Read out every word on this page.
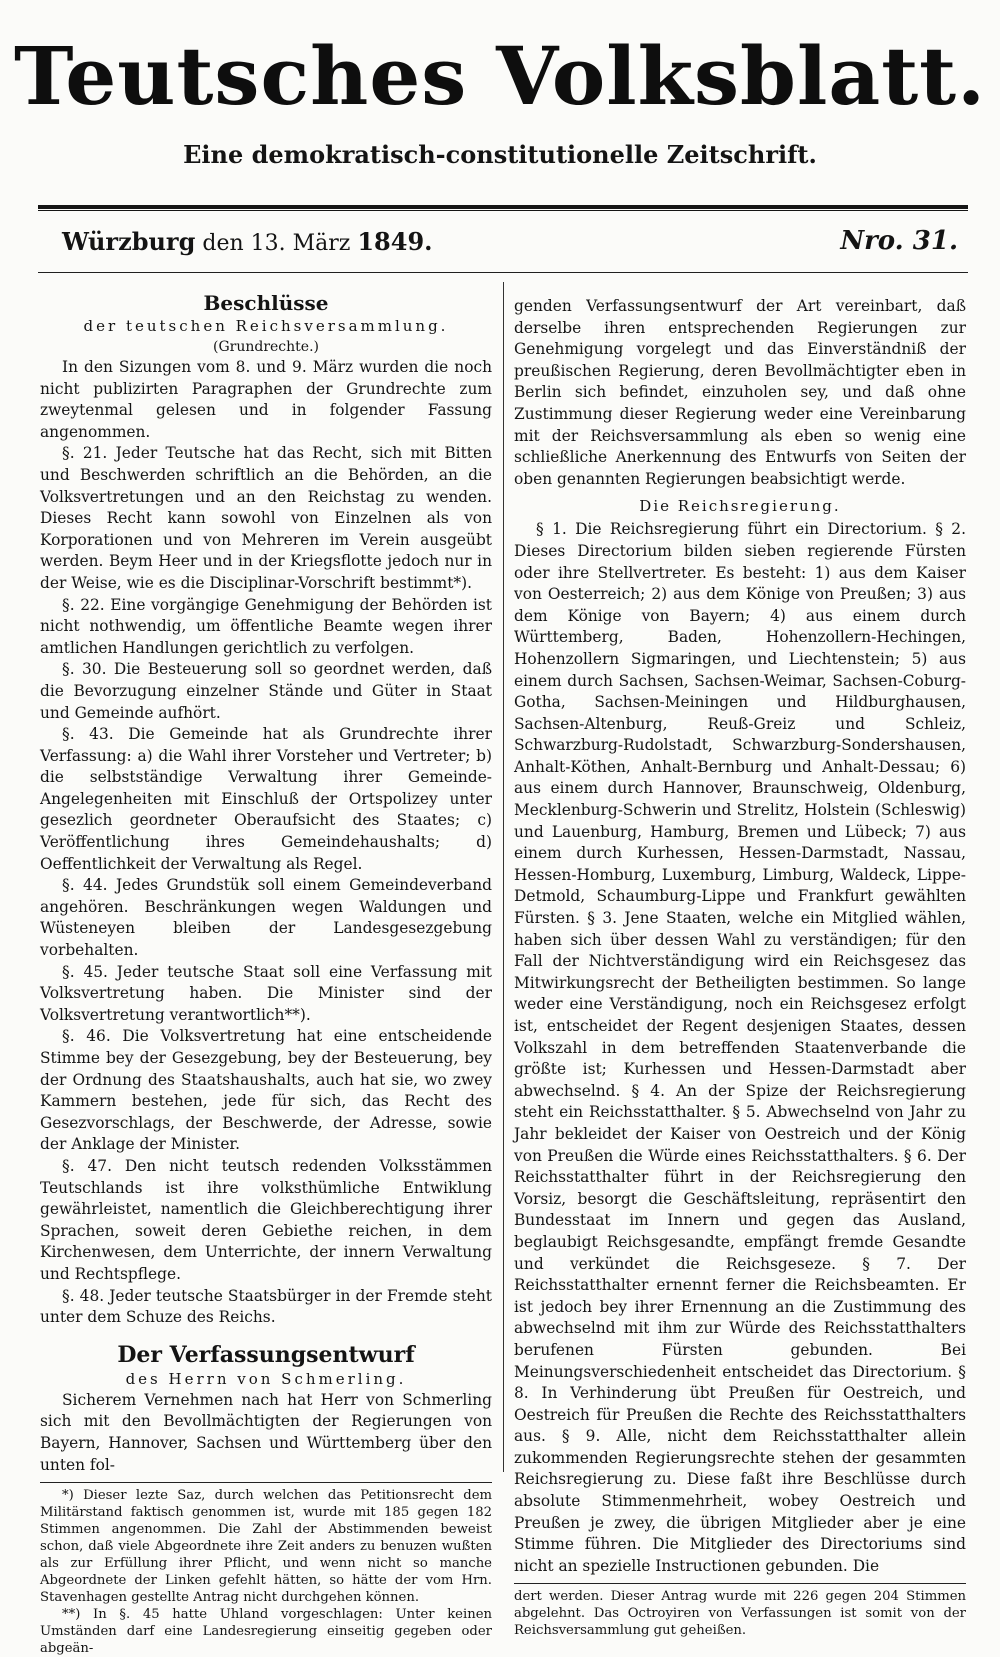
Teutsches Volksblatt.
Eine demokratisch-constitutionelle Zeitschrift.
Würzburg den 13. März 1849.	Nro. 31.
Beschlüsse
der teutschen Reichsversammlung.
(Grundrechte.)

In den Sizungen vom 8. und 9. März wurden die noch nicht publizirten Paragraphen der Grundrechte zum zweytenmal gelesen und in folgender Fassung angenommen.

§. 21. Jeder Teutsche hat das Recht, sich mit Bitten und Beschwerden schriftlich an die Behörden, an die Volksvertretungen und an den Reichstag zu wenden. Dieses Recht kann sowohl von Einzelnen als von Korporationen und von Mehreren im Verein ausgeübt werden. Beym Heer und in der Kriegsflotte jedoch nur in der Weise, wie es die Disciplinar-Vorschrift bestimmt*).

§. 22. Eine vorgängige Genehmigung der Behörden ist nicht nothwendig, um öffentliche Beamte wegen ihrer amtlichen Handlungen gerichtlich zu verfolgen.

§. 30. Die Besteuerung soll so geordnet werden, daß die Bevorzugung einzelner Stände und Güter in Staat und Gemeinde aufhört.

§. 43. Die Gemeinde hat als Grundrechte ihrer Verfassung: a) die Wahl ihrer Vorsteher und Vertreter; b) die selbstständige Verwaltung ihrer Gemeinde-Angelegenheiten mit Einschluß der Ortspolizey unter gesezlich geordneter Oberaufsicht des Staates; c) Veröffentlichung ihres Gemeindehaushalts; d) Oeffentlichkeit der Verwaltung als Regel.

§. 44. Jedes Grundstük soll einem Gemeindeverband angehören. Beschränkungen wegen Waldungen und Wüsteneyen bleiben der Landesgesezgebung vorbehalten.

§. 45. Jeder teutsche Staat soll eine Verfassung mit Volksvertretung haben. Die Minister sind der Volksvertretung verantwortlich**).

§. 46. Die Volksvertretung hat eine entscheidende Stimme bey der Gesezgebung, bey der Besteuerung, bey der Ordnung des Staatshaushalts, auch hat sie, wo zwey Kammern bestehen, jede für sich, das Recht des Gesezvorschlags, der Beschwerde, der Adresse, sowie der Anklage der Minister.

§. 47. Den nicht teutsch redenden Volksstämmen Teutschlands ist ihre volksthümliche Entwiklung gewährleistet, namentlich die Gleichberechtigung ihrer Sprachen, soweit deren Gebiethe reichen, in dem Kirchenwesen, dem Unterrichte, der innern Verwaltung und Rechtspflege.

§. 48. Jeder teutsche Staatsbürger in der Fremde steht unter dem Schuze des Reichs.

Der Verfassungsentwurf
des Herrn von Schmerling.

Sicherem Vernehmen nach hat Herr von Schmerling sich mit den Bevollmächtigten der Regierungen von Bayern, Hannover, Sachsen und Württemberg über den unten fol-

*) Dieser lezte Saz, durch welchen das Petitionsrecht dem Militärstand faktisch genommen ist, wurde mit 185 gegen 182 Stimmen angenommen. Die Zahl der Abstimmenden beweist schon, daß viele Abgeordnete ihre Zeit anders zu benuzen wußten als zur Erfüllung ihrer Pflicht, und wenn nicht so manche Abgeordnete der Linken gefehlt hätten, so hätte der vom Hrn. Stavenhagen gestellte Antrag nicht durchgehen können.

**) In §. 45 hatte Uhland vorgeschlagen: Unter keinen Umständen darf eine Landesregierung einseitig gegeben oder abgeän-

genden Verfassungsentwurf der Art vereinbart, daß derselbe ihren entsprechenden Regierungen zur Genehmigung vorgelegt und das Einverständniß der preußischen Regierung, deren Bevollmächtigter eben in Berlin sich befindet, einzuholen sey, und daß ohne Zustimmung dieser Regierung weder eine Vereinbarung mit der Reichsversammlung als eben so wenig eine schließliche Anerkennung des Entwurfs von Seiten der oben genannten Regierungen beabsichtigt werde.

Die Reichsregierung.

§ 1. Die Reichsregierung führt ein Directorium. § 2. Dieses Directorium bilden sieben regierende Fürsten oder ihre Stellvertreter. Es besteht: 1) aus dem Kaiser von Oesterreich; 2) aus dem Könige von Preußen; 3) aus dem Könige von Bayern; 4) aus einem durch Württemberg, Baden, Hohenzollern-Hechingen, Hohenzollern Sigmaringen, und Liechtenstein; 5) aus einem durch Sachsen, Sachsen-Weimar, Sachsen-Coburg-Gotha, Sachsen-Meiningen und Hildburghausen, Sachsen-Altenburg, Reuß-Greiz und Schleiz, Schwarzburg-Rudolstadt, Schwarzburg-Sondershausen, Anhalt-Köthen, Anhalt-Bernburg und Anhalt-Dessau; 6) aus einem durch Hannover, Braunschweig, Oldenburg, Mecklenburg-Schwerin und Strelitz, Holstein (Schleswig) und Lauenburg, Hamburg, Bremen und Lübeck; 7) aus einem durch Kurhessen, Hessen-Darmstadt, Nassau, Hessen-Homburg, Luxemburg, Limburg, Waldeck, Lippe-Detmold, Schaumburg-Lippe und Frankfurt gewählten Fürsten. § 3. Jene Staaten, welche ein Mitglied wählen, haben sich über dessen Wahl zu verständigen; für den Fall der Nichtverständigung wird ein Reichsgesez das Mitwirkungsrecht der Betheiligten bestimmen. So lange weder eine Verständigung, noch ein Reichsgesez erfolgt ist, entscheidet der Regent desjenigen Staates, dessen Volkszahl in dem betreffenden Staatenverbande die größte ist; Kurhessen und Hessen-Darmstadt aber abwechselnd. § 4. An der Spize der Reichsregierung steht ein Reichsstatthalter. § 5. Abwechselnd von Jahr zu Jahr bekleidet der Kaiser von Oestreich und der König von Preußen die Würde eines Reichsstatthalters. § 6. Der Reichsstatthalter führt in der Reichsregierung den Vorsiz, besorgt die Geschäftsleitung, repräsentirt den Bundesstaat im Innern und gegen das Ausland, beglaubigt Reichsgesandte, empfängt fremde Gesandte und verkündet die Reichsgeseze. § 7. Der Reichsstatthalter ernennt ferner die Reichsbeamten. Er ist jedoch bey ihrer Ernennung an die Zustimmung des abwechselnd mit ihm zur Würde des Reichsstatthalters berufenen Fürsten gebunden. Bei Meinungsverschiedenheit entscheidet das Directorium. § 8. In Verhinderung übt Preußen für Oestreich, und Oestreich für Preußen die Rechte des Reichsstatthalters aus. § 9. Alle, nicht dem Reichsstatthalter allein zukommenden Regierungsrechte stehen der gesammten Reichsregierung zu. Diese faßt ihre Beschlüsse durch absolute Stimmenmehrheit, wobey Oestreich und Preußen je zwey, die übrigen Mitglieder aber je eine Stimme führen. Die Mitglieder des Directoriums sind nicht an spezielle Instructionen gebunden. Die

dert werden. Dieser Antrag wurde mit 226 gegen 204 Stimmen abgelehnt. Das Octroyiren von Verfassungen ist somit von der Reichsversammlung gut geheißen.
